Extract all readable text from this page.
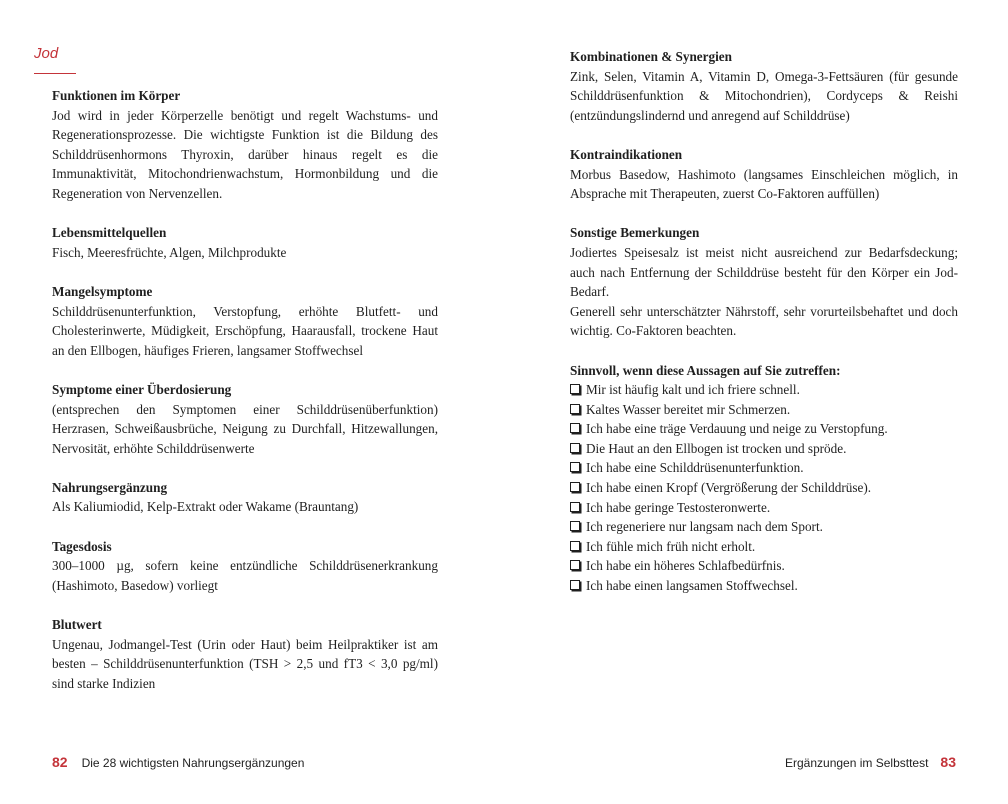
Jod
Funktionen im Körper

Jod wird in jeder Körperzelle benötigt und regelt Wachstums- und Regenerationsprozesse. Die wichtigste Funktion ist die Bildung des Schilddrüsenhormons Thyroxin, darüber hinaus regelt es die Immunaktivität, Mitochondrienwachstum, Hormonbildung und die Regeneration von Nervenzellen.

Lebensmittelquellen

Fisch, Meeresfrüchte, Algen, Milchprodukte

Mangelsymptome

Schilddrüsenunterfunktion, Verstopfung, erhöhte Blutfett- und Cholesterinwerte, Müdigkeit, Erschöpfung, Haarausfall, trockene Haut an den Ellbogen, häufiges Frieren, langsamer Stoffwechsel

Symptome einer Überdosierung

(entsprechen den Symptomen einer Schilddrüsenüberfunktion) Herzrasen, Schweißausbrüche, Neigung zu Durchfall, Hitzewallungen, Nervosität, erhöhte Schilddrüsenwerte

Nahrungsergänzung

Als Kaliumiodid, Kelp-Extrakt oder Wakame (Brauntang)

Tagesdosis

300–1000 µg, sofern keine entzündliche Schilddrüsenerkrankung (Hashimoto, Basedow) vorliegt

Blutwert

Ungenau, Jodmangel-Test (Urin oder Haut) beim Heilpraktiker ist am besten – Schilddrüsenunterfunktion (TSH > 2,5 und fT3 < 3,0 pg/ml) sind starke Indizien

82 Die 28 wichtigsten Nahrungsergänzungen
Kombinationen & Synergien

Zink, Selen, Vitamin A, Vitamin D, Omega-3-Fettsäuren (für gesunde Schilddrüsenfunktion & Mitochondrien), Cordyceps & Reishi (entzündungslindernd und anregend auf Schilddrüse)

Kontraindikationen

Morbus Basedow, Hashimoto (langsames Einschleichen möglich, in Absprache mit Therapeuten, zuerst Co-Faktoren auffüllen)

Sonstige Bemerkungen

Jodiertes Speisesalz ist meist nicht ausreichend zur Bedarfsdeckung; auch nach Entfernung der Schilddrüse besteht für den Körper ein Jod-Bedarf.

Generell sehr unterschätzter Nährstoff, sehr vorurteilsbehaftet und doch wichtig. Co-Faktoren beachten.

Sinnvoll, wenn diese Aussagen auf Sie zutreffen:
Mir ist häufig kalt und ich friere schnell.
Kaltes Wasser bereitet mir Schmerzen.
Ich habe eine träge Verdauung und neige zu Verstopfung.
Die Haut an den Ellbogen ist trocken und spröde.
Ich habe eine Schilddrüsenunterfunktion.
Ich habe einen Kropf (Vergrößerung der Schilddrüse).
Ich habe geringe Testosteronwerte.
Ich regeneriere nur langsam nach dem Sport.
Ich fühle mich früh nicht erholt.
Ich habe ein höheres Schlafbedürfnis.
Ich habe einen langsamen Stoffwechsel.
Ergänzungen im Selbsttest 83
